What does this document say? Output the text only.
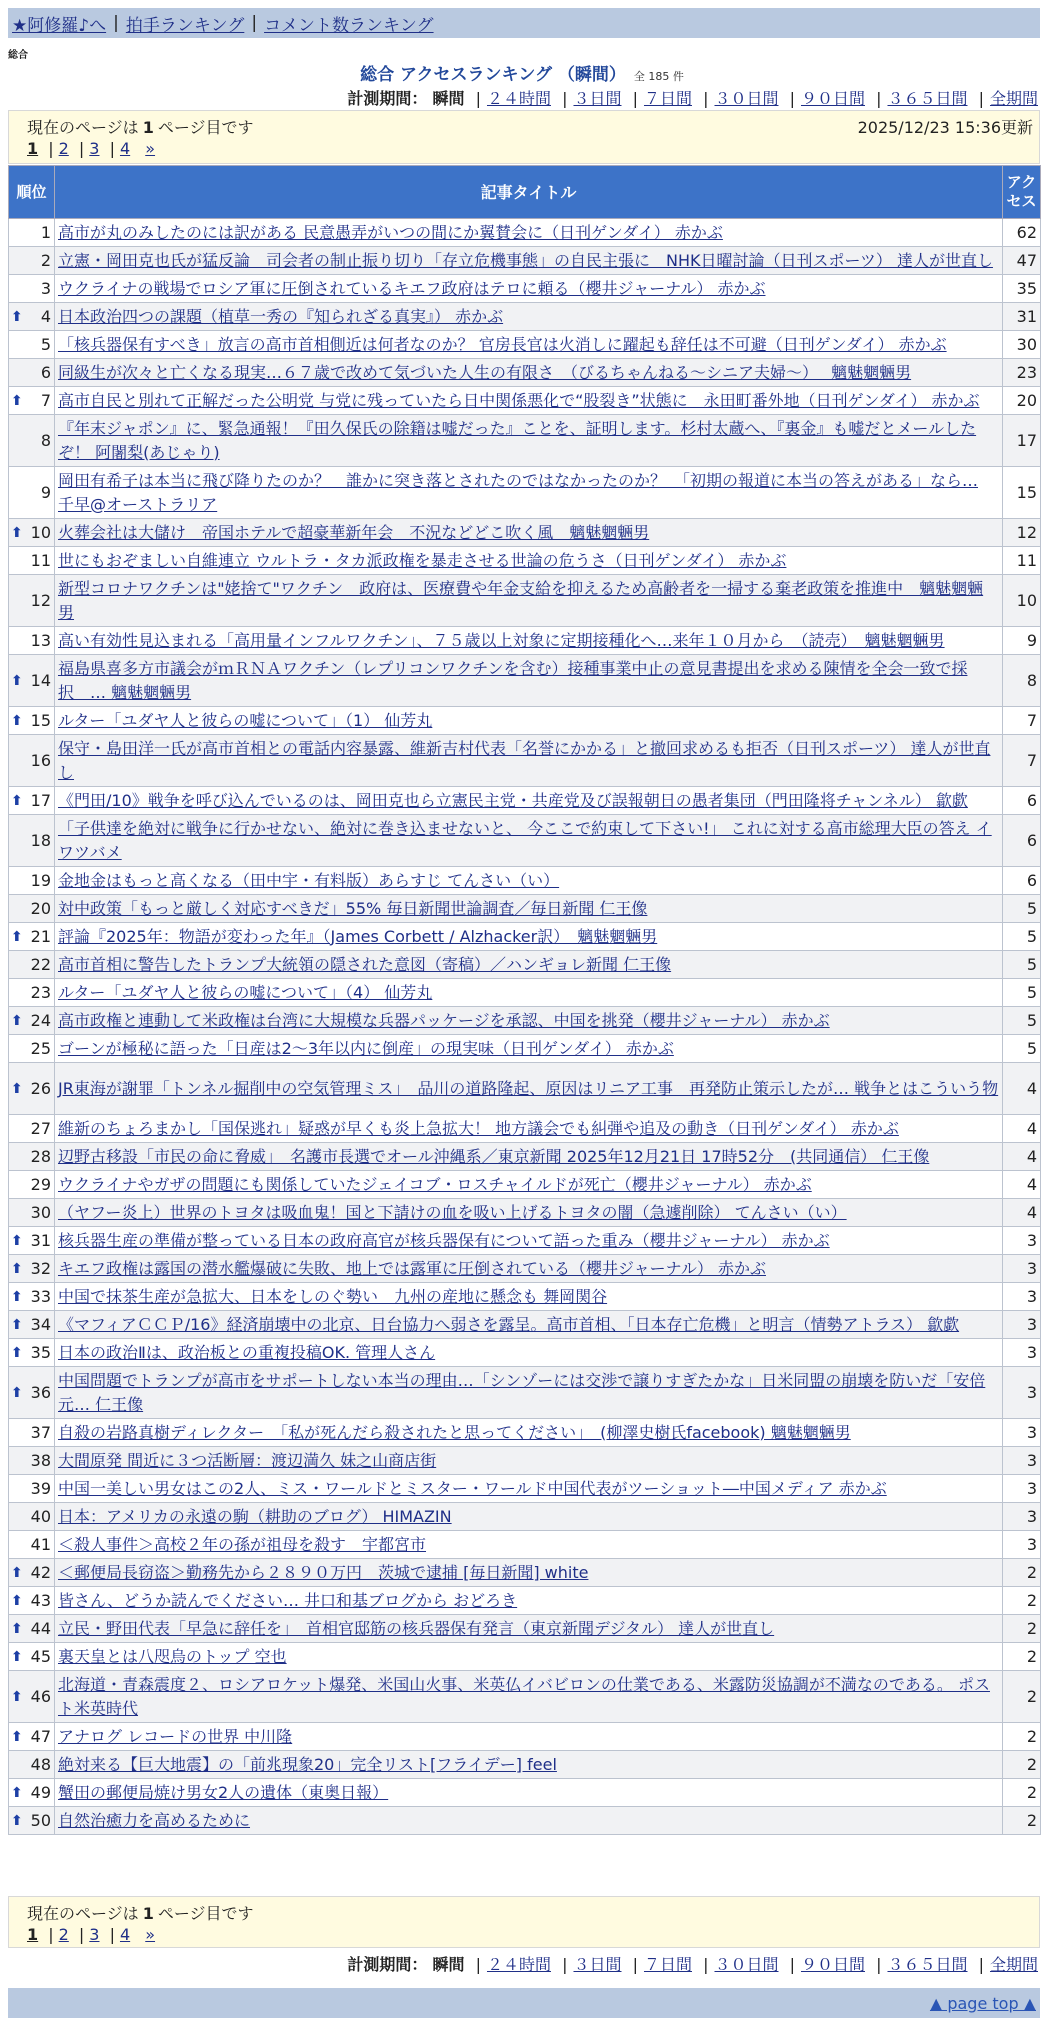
★阿修羅♪へ | 拍手ランキング | コメント数ランキング
総合
総合 アクセスランキング （瞬間） 全 185 件
計測期間： 瞬間 | ２４時間 | ３日間 | ７日間 | ３０日間 | ９０日間 | ３６５日間 | 全期間
現在のページは 1 ページ目です	2025/12/23 15:36更新
1 | 2 | 3 | 4 »
順位	記事タイトル	アクセス
1	高市が丸のみしたのには訳がある 民意愚弄がいつの間にか翼賛会に（日刊ゲンダイ） 赤かぶ	62
2	立憲・岡田克也氏が猛反論　司会者の制止振り切り「存立危機事態」の自民主張に　NHK日曜討論（日刊スポーツ） 達人が世直し	47
3	ウクライナの戦場でロシア軍に圧倒されているキエフ政府はテロに頼る（櫻井ジャーナル） 赤かぶ	35

⬆ 4	日本政治四つの課題（植草一秀の『知られざる真実』） 赤かぶ	31
5	「核兵器保有すべき」放言の高市首相側近は何者なのか？ 官房長官は火消しに躍起も辞任は不可避（日刊ゲンダイ） 赤かぶ	30
6	同級生が次々と亡くなる現実…６７歳で改めて気づいた人生の有限さ　（びるちゃんねる～シニア夫婦～）　 魑魅魍魎男	23

⬆ 7	高市自民と別れて正解だった公明党 与党に残っていたら日中関係悪化で“股裂き”状態に　永田町番外地（日刊ゲンダイ） 赤かぶ	20
8	『年末ジャポン』に、緊急通報！『田久保氏の除籍は嘘だった』ことを、証明します。杉村太蔵へ、『裏金』も嘘だとメールしたぞ！ 阿闍梨(あじゃり)	17
9	岡田有希子は本当に飛び降りたのか？　誰かに突き落とされたのではなかったのか？　「初期の報道に本当の答えがある」なら… 千早@オーストラリア	15

⬆ 10	火葬会社は大儲け　帝国ホテルで超豪華新年会　不況などどこ吹く風　魑魅魍魎男	12
11	世にもおぞましい自維連立 ウルトラ・タカ派政権を暴走させる世論の危うさ（日刊ゲンダイ） 赤かぶ	11
12	新型コロナワクチンは"姥捨て"ワクチン　政府は、医療費や年金支給を抑えるため高齢者を一掃する棄老政策を推進中　魑魅魍魎男	10
13	高い有効性見込まれる「高用量インフルワクチン」、７５歳以上対象に定期接種化へ…来年１０月から　（読売）　魑魅魍魎男	9

⬆ 14	福島県喜多方市議会がｍＲＮＡワクチン（レプリコンワクチンを含む）接種事業中止の意見書提出を求める陳情を全会一致で採択　… 魑魅魍魎男	8

⬆ 15	ルター「ユダヤ人と彼らの嘘について」（1） 仙芳丸	7
16	保守・島田洋一氏が高市首相との電話内容暴露、維新吉村代表「名誉にかかる」と撤回求めるも拒否（日刊スポーツ） 達人が世直し	7

⬆ 17	《門田/10》戦争を呼び込んでいるのは、岡田克也ら立憲民主党・共産党及び誤報朝日の愚者集団（門田隆将チャンネル） 歙歔	6
18	「子供達を絶対に戦争に行かせない、絶対に巻き込ませないと、 今ここで約束して下さい!」 これに対する高市総理大臣の答え イワツバメ	6
19	金地金はもっと高くなる（田中宇・有料版）あらすじ てんさい（い）	6
20	対中政策「もっと厳しく対応すべきだ」55% 毎日新聞世論調査／毎日新聞 仁王像	5

⬆ 21	評論『2025年：物語が変わった年』（James Corbett / Alzhacker訳）　魑魅魍魎男	5
22	高市首相に警告したトランプ大統領の隠された意図（寄稿）／ハンギョレ新聞 仁王像	5
23	ルター「ユダヤ人と彼らの嘘について」（4） 仙芳丸	5

⬆ 24	高市政権と連動して米政権は台湾に大規模な兵器パッケージを承認、中国を挑発（櫻井ジャーナル） 赤かぶ	5
25	ゴーンが極秘に語った「日産は2～3年以内に倒産」の現実味（日刊ゲンダイ） 赤かぶ	5

⬆ 26	JR東海が謝罪「トンネル掘削中の空気管理ミス」　品川の道路隆起、原因はリニア工事　再発防止策示したが… 戦争とはこういう物	4
27	維新のちょろまかし「国保逃れ」疑惑が早くも炎上急拡大！ 地方議会でも糾弾や追及の動き（日刊ゲンダイ） 赤かぶ	4
28	辺野古移設「市民の命に脅威」　名護市長選でオール沖縄系／東京新聞 2025年12月21日 17時52分　(共同通信） 仁王像	4
29	ウクライナやガザの問題にも関係していたジェイコブ・ロスチャイルドが死亡（櫻井ジャーナル） 赤かぶ	4
30	（ヤフー炎上）世界のトヨタは吸血鬼！国と下請けの血を吸い上げるトヨタの闇（急遽削除） てんさい（い）	4

⬆ 31	核兵器生産の準備が整っている日本の政府高官が核兵器保有について語った重み（櫻井ジャーナル） 赤かぶ	3

⬆ 32	キエフ政権は露国の潜水艦爆破に失敗、地上では露軍に圧倒されている（櫻井ジャーナル） 赤かぶ	3

⬆ 33	中国で抹茶生産が急拡大、日本をしのぐ勢い　九州の産地に懸念も 舞岡関谷	3

⬆ 34	《マフィアＣＣＰ/16》経済崩壊中の北京、日台協力へ弱さを露呈。高市首相、「日本存亡危機」と明言（情勢アトラス） 歙歔	3

⬆ 35	日本の政治Ⅱは、政治板との重複投稿OK. 管理人さん	3

⬆ 36	中国問題でトランプが高市をサポートしない本当の理由…「シンゾーには交渉で譲りすぎたかな」日米同盟の崩壊を防いだ「安倍元… 仁王像	3
37	自殺の岩路真樹ディレクター　「私が死んだら殺されたと思ってください」　(柳澤史樹氏facebook) 魑魅魍魎男	3
38	大間原発 間近に３つ活断層：渡辺満久 妹之山商店街	3
39	中国一美しい男女はこの2人、ミス・ワールドとミスター・ワールド中国代表がツーショット―中国メディア 赤かぶ	3
40	日本：アメリカの永遠の駒（耕助のブログ） HIMAZIN	3
41	＜殺人事件＞高校２年の孫が祖母を殺す　宇都宮市	3

⬆ 42	＜郵便局長窃盗＞勤務先から２８９０万円　茨城で逮捕 [毎日新聞] white	2

⬆ 43	皆さん、どうか読んでください… 井口和基ブログから おどろき	2

⬆ 44	立民・野田代表「早急に辞任を」　首相官邸筋の核兵器保有発言（東京新聞デジタル） 達人が世直し	2

⬆ 45	裏天皇とは八咫烏のトップ 空也	2

⬆ 46	北海道・青森震度２、ロシアロケット爆発、米国山火事、米英仏イバビロンの仕業である、米露防災協調が不満なのである。 ポスト米英時代	2

⬆ 47	アナログ レコードの世界 中川隆	2
48	絶対来る【巨大地震】の「前兆現象20」完全リスト[フライデー] feel	2

⬆ 49	蟹田の郵便局焼け男女2人の遺体（東奥日報）	2

⬆ 50	自然治癒力を高めるために	2
計測期間： 瞬間 | ２４時間 | ３日間 | ７日間 | ３０日間 | ９０日間 | ３６５日間 | 全期間
現在のページは 1 ページ目です
1 | 2 | 3 | 4 »
▲ page top ▲
